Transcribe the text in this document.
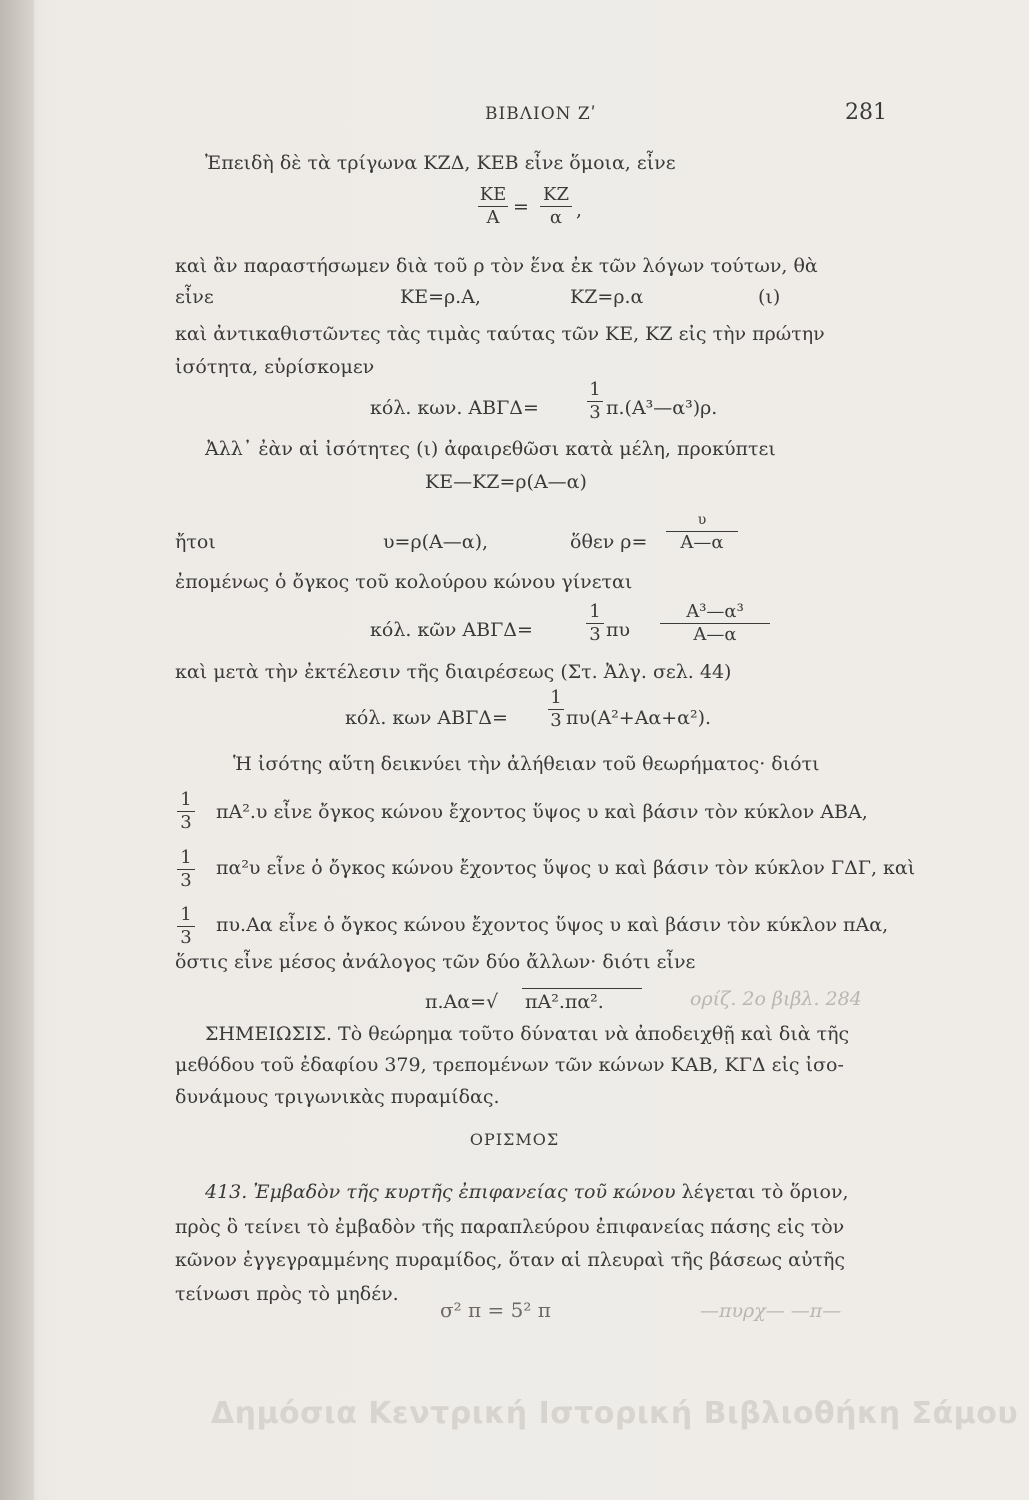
ΒΙΒΛΙΟΝ Ζʹ	281
Ἐπειδὴ δὲ τὰ τρίγωνα ΚΖΔ, ΚΕΒ εἶνε ὅμοια, εἶνε
ΚΕ
Α =
ΚΖ
α ,
καὶ ἂν παραστήσωμεν διὰ τοῦ ρ τὸν ἕνα ἐκ τῶν λόγων τούτων, θὰ
εἶνε	ΚΕ=ρ.Α,	ΚΖ=ρ.α	(ι)
καὶ ἀντικαθιστῶντες τὰς τιμὰς ταύτας τῶν ΚΕ, ΚΖ εἰς τὴν πρώτην
ἰσότητα, εὑρίσκομεν
κόλ. κων. ΑΒΓΔ=
1
3 π.(Α³—α³)ρ.
Ἀλλ᾽ ἐὰν αἱ ἰσότητες (ι) ἀφαιρεθῶσι κατὰ μέλη, προκύπτει
ΚΕ—ΚΖ=ρ(Α—α)
ἤτοι	υ=ρ(Α—α),	ὅθεν ρ=
υ
Α—α
ἐπομένως ὁ ὄγκος τοῦ κολούρου κώνου γίνεται
κόλ. κῶν ΑΒΓΔ=
1
3 πυ
Α³—α³
Α—α
καὶ μετὰ τὴν ἐκτέλεσιν τῆς διαιρέσεως (Στ. Ἀλγ. σελ. 44)
κόλ. κων ΑΒΓΔ=
1
3 πυ(Α²+Αα+α²).
Ἡ ἰσότης αὕτη δεικνύει τὴν ἀλήθειαν τοῦ θεωρήματος· διότι
1
3 πΑ².υ εἶνε ὄγκος κώνου ἔχοντος ὕψος υ καὶ βάσιν τὸν κύκλον ΑΒΑ,
1
3
πα²υ εἶνε ὁ ὄγκος κώνου ἔχοντος ὕψος υ καὶ βάσιν τὸν κύκλον ΓΔΓ, καὶ
1
3
πυ.Αα εἶνε ὁ ὄγκος κώνου ἔχοντος ὕψος υ καὶ βάσιν τὸν κύκλον πΑα,
ὅστις εἶνε μέσος ἀνάλογος τῶν δύο ἄλλων· διότι εἶνε
π.Αα=√ πΑ².πα².	ορίζ. 2ο βιβλ. 284
ΣΗΜΕΙΩΣΙΣ. Τὸ θεώρημα τοῦτο δύναται νὰ ἀποδειχθῇ καὶ διὰ τῆς
μεθόδου τοῦ ἐδαφίου 379, τρεπομένων τῶν κώνων ΚΑΒ, ΚΓΔ εἰς ἰσο-
δυνάμους τριγωνικὰς πυραμίδας.
ΟΡΙΣΜΟΣ
413. Ἐμβαδὸν τῆς κυρτῆς ἐπιφανείας τοῦ κώνου λέγεται τὸ ὅριον,
πρὸς ὃ τείνει τὸ ἐμβαδὸν τῆς παραπλεύρου ἐπιφανείας πάσης εἰς τὸν
κῶνον ἐγγεγραμμένης πυραμίδος, ὅταν αἱ πλευραὶ τῆς βάσεως αὐτῆς
τείνωσι πρὸς τὸ μηδέν.
σ² π = 5² π	—πυρχ— —π—
Δημόσια Κεντρική Ιστορική Βιβλιοθήκη Σάμου
